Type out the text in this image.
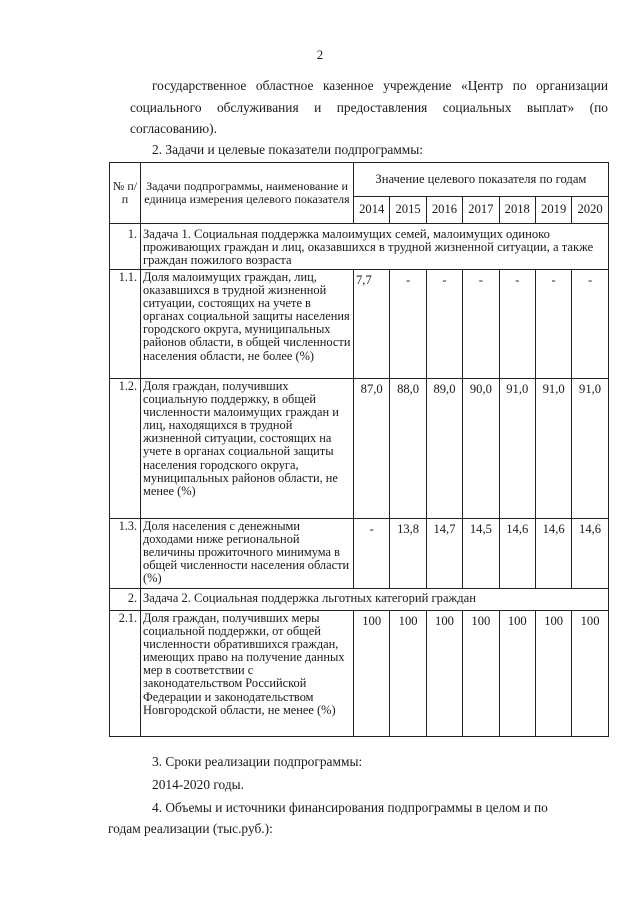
2
государственное областное казенное учреждение «Центр по организации социального обслуживания и предоставления социальных выплат» (по согласованию).
2. Задачи и целевые показатели подпрограммы:
№ п/п	Задачи подпрограммы, наименование и единица измерения целевого показателя	Значение целевого показателя по годам						
		2014	2015	2016	2017	2018	2019	2020
1.	Задача 1. Социальная поддержка малоимущих семей, малоимущих одиноко проживающих граждан и лиц, оказавшихся в трудной жизненной ситуации, а также граждан пожилого возраста							
1.1.	Доля малоимущих граждан, лиц, оказавшихся в трудной жизненной ситуации, состоящих на учете в органах социальной защиты населения городского округа, муниципальных районов области, в общей численности населения области, не более (%)	7,7	-	-	-	-	-	-
1.2.	Доля граждан, получивших социальную поддержку, в общей численности малоимущих граждан и лиц, находящихся в трудной жизненной ситуации, состоящих на учете в органах социальной защиты населения городского округа, муниципальных районов области, не менее (%)	87,0	88,0	89,0	90,0	91,0	91,0	91,0
1.3.	Доля населения с денежными доходами ниже региональной величины прожиточного минимума в общей численности населения области (%)	-	13,8	14,7	14,5	14,6	14,6	14,6
2.	Задача 2. Социальная поддержка льготных категорий граждан							
2.1.	Доля граждан, получивших меры социальной поддержки, от общей численности обратившихся граждан, имеющих право на получение данных мер в соответствии с законодательством Российской Федерации и законодательством Новгородской области, не менее (%)	100	100	100	100	100	100	100
3. Сроки реализации подпрограммы:
2014-2020 годы.
4. Объемы и источники финансирования подпрограммы в целом и по
годам реализации (тыс.руб.):
